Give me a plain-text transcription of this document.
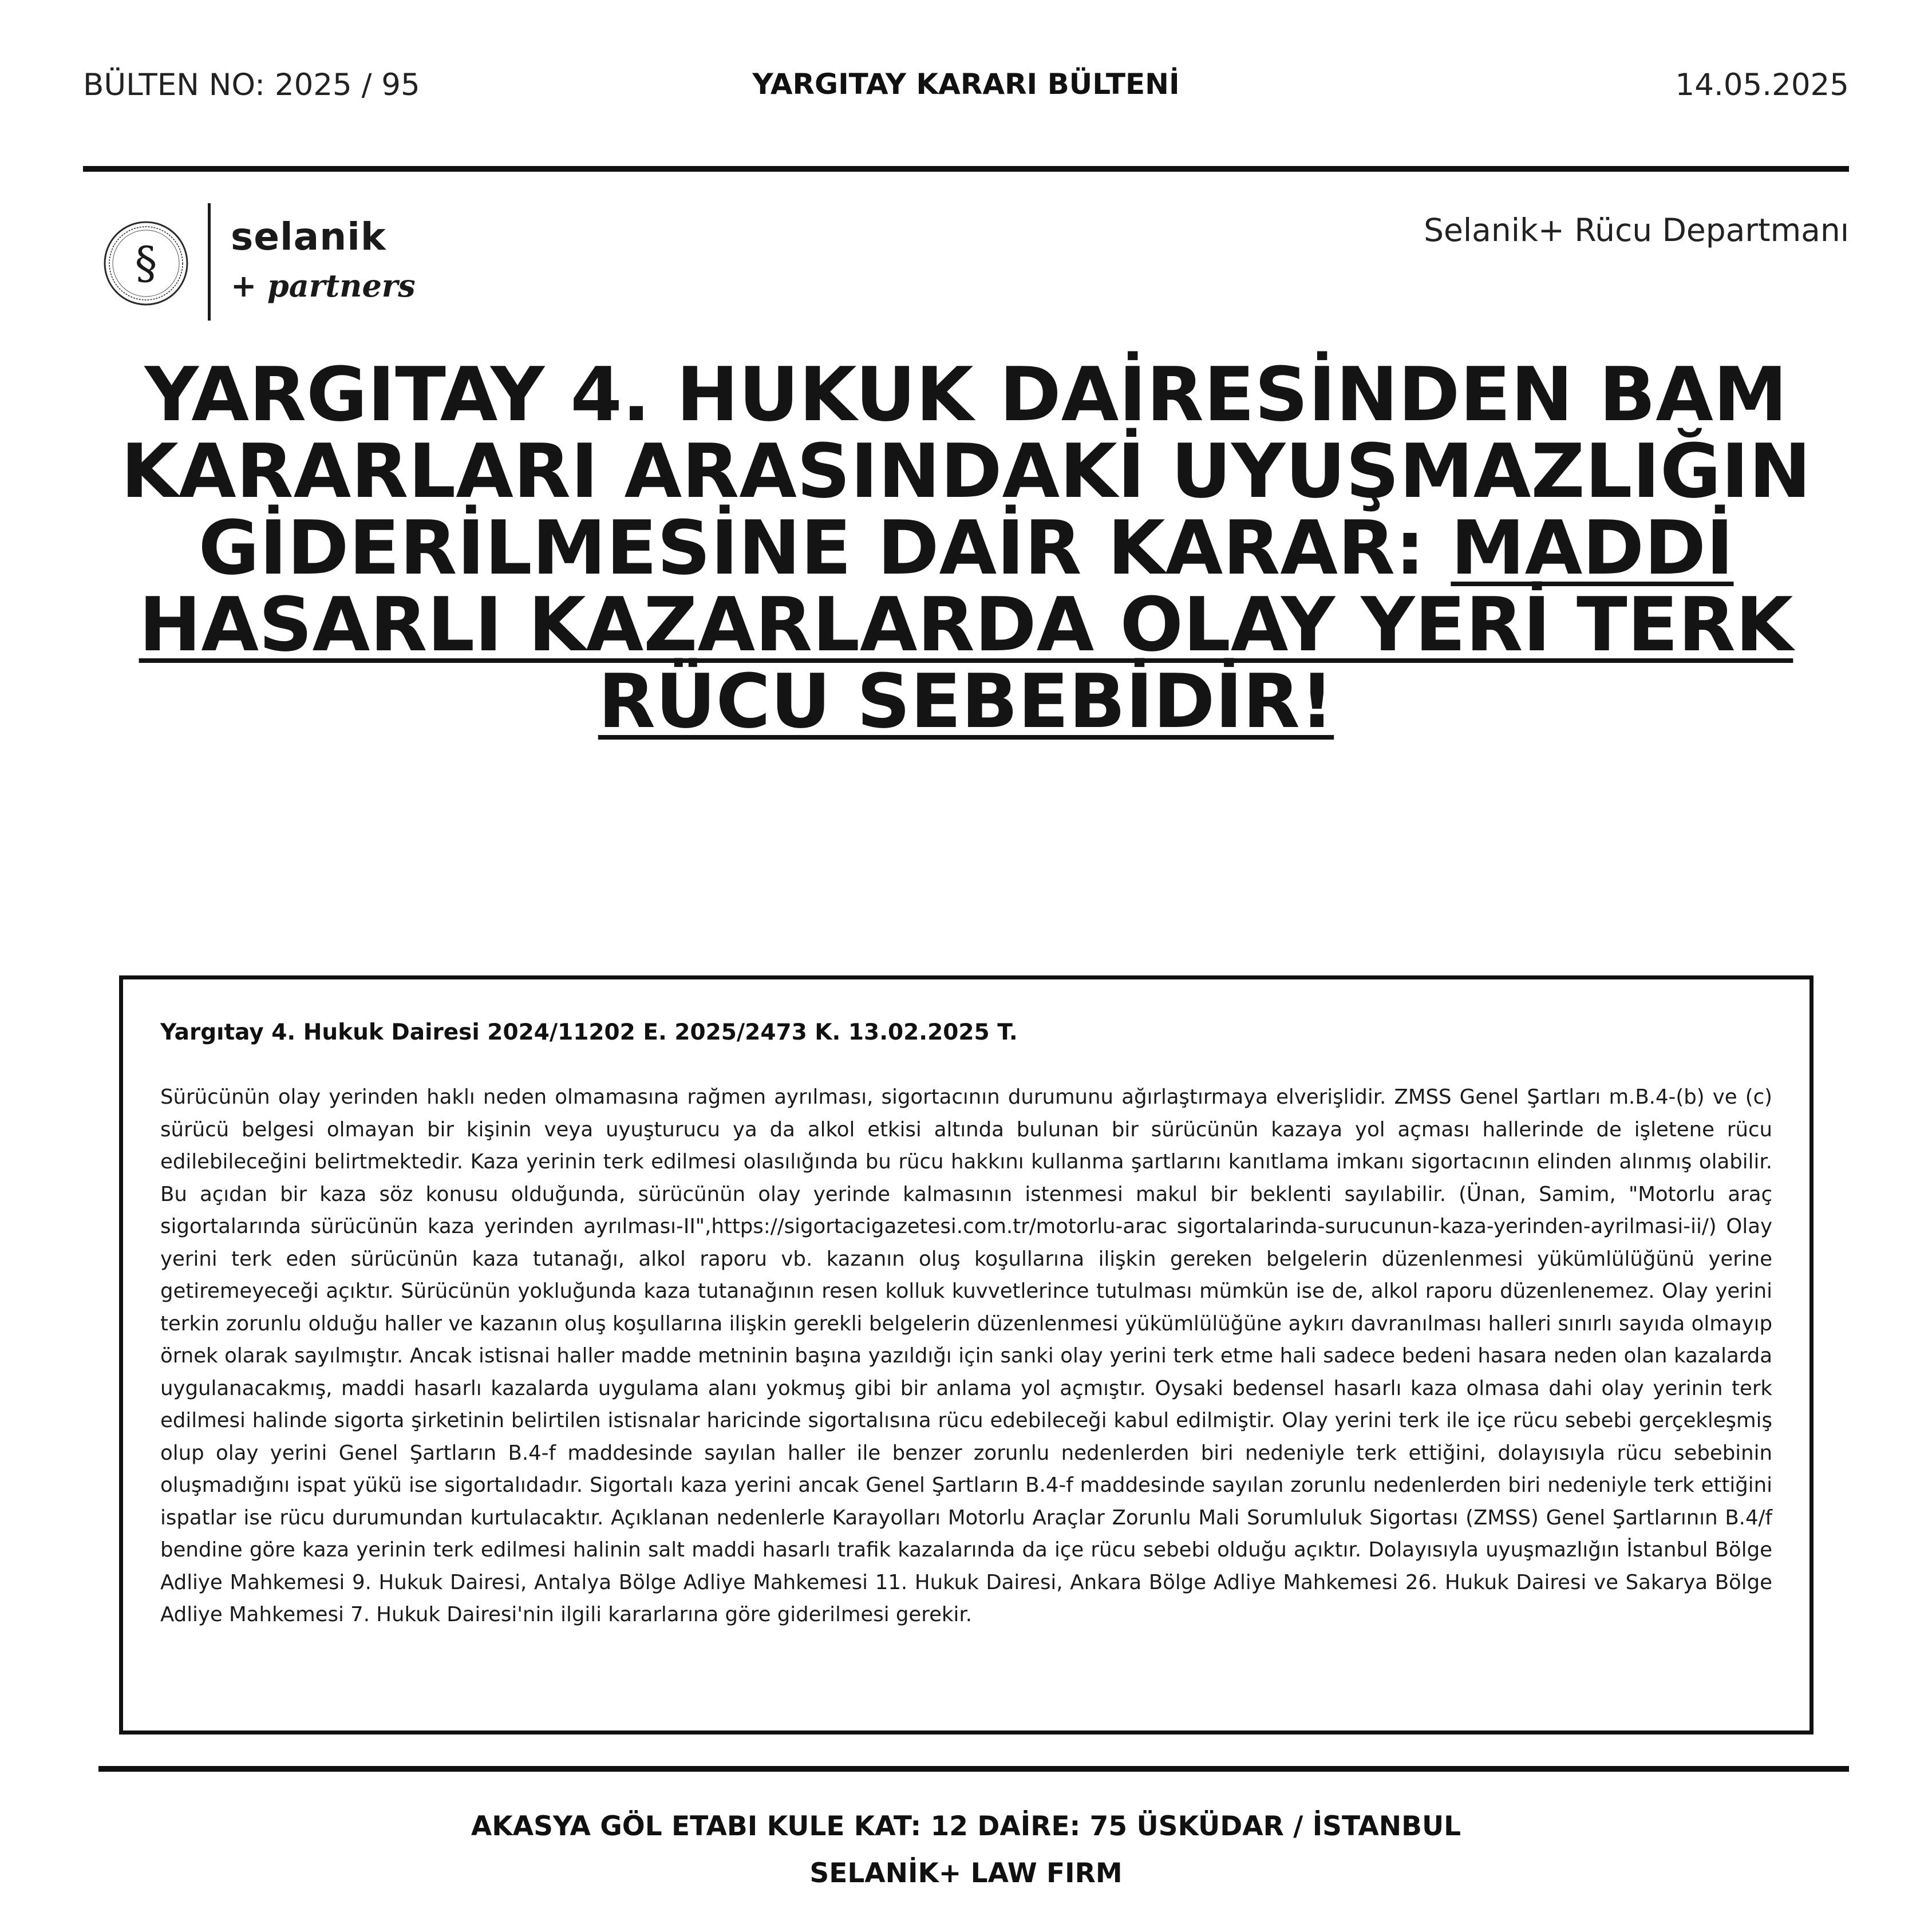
BÜLTEN NO: 2025 / 95	YARGITAY KARARI BÜLTENİ	14.05.2025
§
selanik
+ partners
Selanik+ Rücu Departmanı
YARGITAY 4. HUKUK DAİRESİNDEN BAM KARARLARI ARASINDAKİ UYUŞMAZLIĞIN GİDERİLMESİNE DAİR KARAR: MADDİ HASARLI KAZARLARDA OLAY YERİ TERK RÜCU SEBEBİDİR!
Yargıtay 4. Hukuk Dairesi 2024/11202 E. 2025/2473 K. 13.02.2025 T.

Sürücünün olay yerinden haklı neden olmamasına rağmen ayrılması, sigortacının durumunu ağırlaştırmaya elverişlidir. ZMSS Genel Şartları m.B.4-(b) ve (c) sürücü belgesi olmayan bir kişinin veya uyuşturucu ya da alkol etkisi altında bulunan bir sürücünün kazaya yol açması hallerinde de işletene rücu edilebileceğini belirtmektedir. Kaza yerinin terk edilmesi olasılığında bu rücu hakkını kullanma şartlarını kanıtlama imkanı sigortacının elinden alınmış olabilir. Bu açıdan bir kaza söz konusu olduğunda, sürücünün olay yerinde kalmasının istenmesi makul bir beklenti sayılabilir. (Ünan, Samim, "Motorlu araç sigortalarında sürücünün kaza yerinden ayrılması-II",https://sigortacigazetesi.com.tr/motorlu-arac sigortalarinda-surucunun-kaza-yerinden-ayrilmasi-ii/) Olay yerini terk eden sürücünün kaza tutanağı, alkol raporu vb. kazanın oluş koşullarına ilişkin gereken belgelerin düzenlenmesi yükümlülüğünü yerine getiremeyeceği açıktır. Sürücünün yokluğunda kaza tutanağının resen kolluk kuvvetlerince tutulması mümkün ise de, alkol raporu düzenlenemez. Olay yerini terkin zorunlu olduğu haller ve kazanın oluş koşullarına ilişkin gerekli belgelerin düzenlenmesi yükümlülüğüne aykırı davranılması halleri sınırlı sayıda olmayıp örnek olarak sayılmıştır. Ancak istisnai haller madde metninin başına yazıldığı için sanki olay yerini terk etme hali sadece bedeni hasara neden olan kazalarda uygulanacakmış, maddi hasarlı kazalarda uygulama alanı yokmuş gibi bir anlama yol açmıştır. Oysaki bedensel hasarlı kaza olmasa dahi olay yerinin terk edilmesi halinde sigorta şirketinin belirtilen istisnalar haricinde sigortalısına rücu edebileceği kabul edilmiştir. Olay yerini terk ile içe rücu sebebi gerçekleşmiş olup olay yerini Genel Şartların B.4-f maddesinde sayılan haller ile benzer zorunlu nedenlerden biri nedeniyle terk ettiğini, dolayısıyla rücu sebebinin oluşmadığını ispat yükü ise sigortalıdadır. Sigortalı kaza yerini ancak Genel Şartların B.4-f maddesinde sayılan zorunlu nedenlerden biri nedeniyle terk ettiğini ispatlar ise rücu durumundan kurtulacaktır. Açıklanan nedenlerle Karayolları Motorlu Araçlar Zorunlu Mali Sorumluluk Sigortası (ZMSS) Genel Şartlarının B.4/f bendine göre kaza yerinin terk edilmesi halinin salt maddi hasarlı trafik kazalarında da içe rücu sebebi olduğu açıktır. Dolayısıyla uyuşmazlığın İstanbul Bölge Adliye Mahkemesi 9. Hukuk Dairesi, Antalya Bölge Adliye Mahkemesi 11. Hukuk Dairesi, Ankara Bölge Adliye Mahkemesi 26. Hukuk Dairesi ve Sakarya Bölge Adliye Mahkemesi 7. Hukuk Dairesi'nin ilgili kararlarına göre giderilmesi gerekir.

AKASYA GÖL ETABI KULE KAT: 12 DAİRE: 75 ÜSKÜDAR / İSTANBUL
SELANİK+ LAW FIRM
